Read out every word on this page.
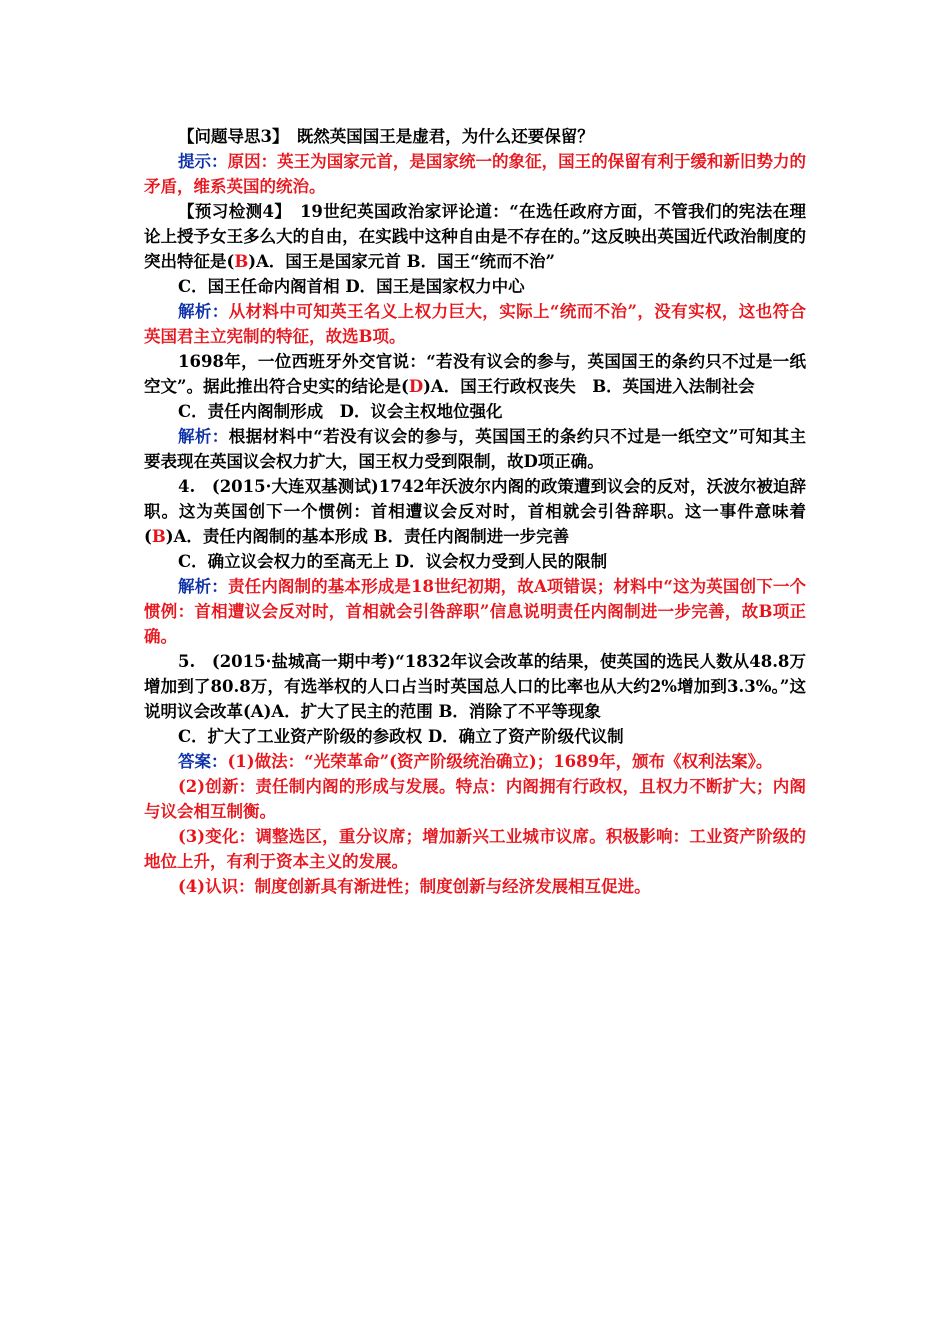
【问题导思3】　既然英国国王是虚君，为什么还要保留？

提示：原因：英王为国家元首，是国家统一的象征，国王的保留有利于缓和新旧势力的矛盾，维系英国的统治。

【预习检测4】　19世纪英国政治家评论道：“在选任政府方面，不管我们的宪法在理论上授予女王多么大的自由，在实践中这种自由是不存在的。”这反映出英国近代政治制度的突出特征是(B)A．国王是国家元首 B．国王“统而不治”

C．国王任命内阁首相 D．国王是国家权力中心

解析：从材料中可知英王名义上权力巨大，实际上“统而不治”，没有实权，这也符合英国君主立宪制的特征，故选B项。

1698年，一位西班牙外交官说：“若没有议会的参与，英国国王的条约只不过是一纸空文”。据此推出符合史实的结论是(D)A．国王行政权丧失　B．英国进入法制社会

C．责任内阁制形成　D．议会主权地位强化

解析：根据材料中“若没有议会的参与，英国国王的条约只不过是一纸空文”可知其主要表现在英国议会权力扩大，国王权力受到限制，故D项正确。

4.　(2015·大连双基测试)1742年沃波尔内阁的政策遭到议会的反对，沃波尔被迫辞职。这为英国创下一个惯例：首相遭议会反对时，首相就会引咎辞职。这一事件意味着(B)A．责任内阁制的基本形成 B．责任内阁制进一步完善

C．确立议会权力的至高无上 D．议会权力受到人民的限制

解析：责任内阁制的基本形成是18世纪初期，故A项错误；材料中“这为英国创下一个惯例：首相遭议会反对时，首相就会引咎辞职”信息说明责任内阁制进一步完善，故B项正确。

5.　(2015·盐城高一期中考)“1832年议会改革的结果，使英国的选民人数从48.8万增加到了80.8万，有选举权的人口占当时英国总人口的比率也从大约2%增加到3.3%。”这说明议会改革(A)A．扩大了民主的范围 B．消除了不平等现象

C．扩大了工业资产阶级的参政权 D．确立了资产阶级代议制

答案：(1)做法：“光荣革命”(资产阶级统治确立)；1689年，颁布《权利法案》。

(2)创新：责任制内阁的形成与发展。特点：内阁拥有行政权，且权力不断扩大；内阁与议会相互制衡。

(3)变化：调整选区，重分议席；增加新兴工业城市议席。积极影响：工业资产阶级的地位上升，有利于资本主义的发展。

(4)认识：制度创新具有渐进性；制度创新与经济发展相互促进。
